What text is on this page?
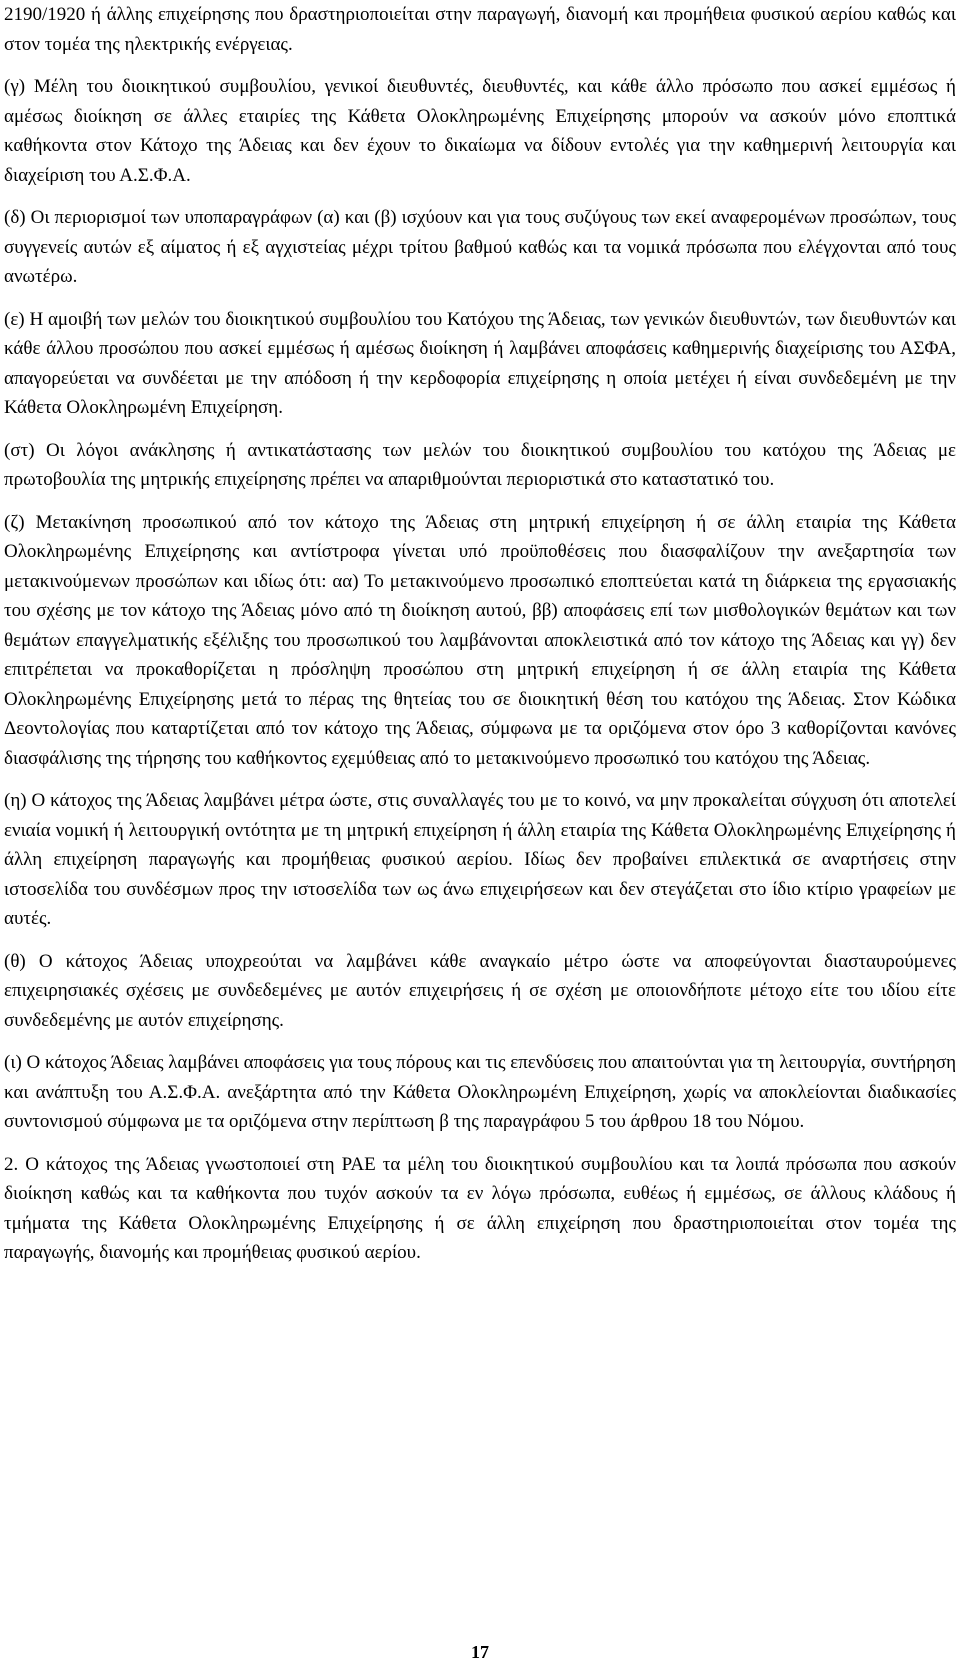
2190/1920 ή άλλης επιχείρησης που δραστηριοποιείται στην παραγωγή, διανομή και προμήθεια φυσικού αερίου καθώς και στον τομέα της ηλεκτρικής ενέργειας.

(γ) Μέλη του διοικητικού συμβουλίου, γενικοί διευθυντές, διευθυντές, και κάθε άλλο πρόσωπο που ασκεί εμμέσως ή αμέσως διοίκηση σε άλλες εταιρίες της Κάθετα Ολοκληρωμένης Επιχείρησης μπορούν να ασκούν μόνο εποπτικά καθήκοντα στον Κάτοχο της Άδειας και δεν έχουν το δικαίωμα να δίδουν εντολές για την καθημερινή λειτουργία και διαχείριση του Α.Σ.Φ.Α.

(δ) Οι περιορισμοί των υποπαραγράφων (α) και (β) ισχύουν και για τους συζύγους των εκεί αναφερομένων προσώπων, τους συγγενείς αυτών εξ αίματος ή εξ αγχιστείας μέχρι τρίτου βαθμού καθώς και τα νομικά πρόσωπα που ελέγχονται από τους ανωτέρω.

(ε) Η αμοιβή των μελών του διοικητικού συμβουλίου του Κατόχου της Άδειας, των γενικών διευθυντών, των διευθυντών και κάθε άλλου προσώπου που ασκεί εμμέσως ή αμέσως διοίκηση ή λαμβάνει αποφάσεις καθημερινής διαχείρισης του ΑΣΦΑ, απαγορεύεται να συνδέεται με την απόδοση ή την κερδοφορία επιχείρησης η οποία μετέχει ή είναι συνδεδεμένη με την Κάθετα Ολοκληρωμένη Επιχείρηση.

(στ) Οι λόγοι ανάκλησης ή αντικατάστασης των μελών του διοικητικού συμβουλίου του κατόχου της Άδειας με πρωτοβουλία της μητρικής επιχείρησης πρέπει να απαριθμούνται περιοριστικά στο καταστατικό του.

(ζ) Μετακίνηση προσωπικού από τον κάτοχο της Άδειας στη μητρική επιχείρηση ή σε άλλη εταιρία της Κάθετα Ολοκληρωμένης Επιχείρησης και αντίστροφα γίνεται υπό προϋποθέσεις που διασφαλίζουν την ανεξαρτησία των μετακινούμενων προσώπων και ιδίως ότι: αα) Το μετακινούμενο προσωπικό εποπτεύεται κατά τη διάρκεια της εργασιακής του σχέσης με τον κάτοχο της Άδειας μόνο από τη διοίκηση αυτού, ββ) αποφάσεις επί των μισθολογικών θεμάτων και των θεμάτων επαγγελματικής εξέλιξης του προσωπικού του λαμβάνονται αποκλειστικά από τον κάτοχο της Άδειας και γγ) δεν επιτρέπεται να προκαθορίζεται η πρόσληψη προσώπου στη μητρική επιχείρηση ή σε άλλη εταιρία της Κάθετα Ολοκληρωμένης Επιχείρησης μετά το πέρας της θητείας του σε διοικητική θέση του κατόχου της Άδειας. Στον Κώδικα Δεοντολογίας που καταρτίζεται από τον κάτοχο της Άδειας, σύμφωνα με τα οριζόμενα στον όρο 3 καθορίζονται κανόνες διασφάλισης της τήρησης του καθήκοντος εχεμύθειας από το μετακινούμενο προσωπικό του κατόχου της Άδειας.

(η) Ο κάτοχος της Άδειας λαμβάνει μέτρα ώστε, στις συναλλαγές του με το κοινό, να μην προκαλείται σύγχυση ότι αποτελεί ενιαία νομική ή λειτουργική οντότητα με τη μητρική επιχείρηση ή άλλη εταιρία της Κάθετα Ολοκληρωμένης Επιχείρησης ή άλλη επιχείρηση παραγωγής και προμήθειας φυσικού αερίου. Ιδίως δεν προβαίνει επιλεκτικά σε αναρτήσεις στην ιστοσελίδα του συνδέσμων προς την ιστοσελίδα των ως άνω επιχειρήσεων και δεν στεγάζεται στο ίδιο κτίριο γραφείων με αυτές.

(θ) Ο κάτοχος Άδειας υποχρεούται να λαμβάνει κάθε αναγκαίο μέτρο ώστε να αποφεύγονται διασταυρούμενες επιχειρησιακές σχέσεις με συνδεδεμένες με αυτόν επιχειρήσεις ή σε σχέση με οποιονδήποτε μέτοχο είτε του ιδίου είτε συνδεδεμένης με αυτόν επιχείρησης.

(ι) Ο κάτοχος Άδειας λαμβάνει αποφάσεις για τους πόρους και τις επενδύσεις που απαιτούνται για τη λειτουργία, συντήρηση και ανάπτυξη του Α.Σ.Φ.Α. ανεξάρτητα από την Κάθετα Ολοκληρωμένη Επιχείρηση, χωρίς να αποκλείονται διαδικασίες συντονισμού σύμφωνα με τα οριζόμενα στην περίπτωση β της παραγράφου 5 του άρθρου 18 του Νόμου.

2. Ο κάτοχος της Άδειας γνωστοποιεί στη ΡΑΕ τα μέλη του διοικητικού συμβουλίου και τα λοιπά πρόσωπα που ασκούν διοίκηση καθώς και τα καθήκοντα που τυχόν ασκούν τα εν λόγω πρόσωπα, ευθέως ή εμμέσως, σε άλλους κλάδους ή τμήματα της Κάθετα Ολοκληρωμένης Επιχείρησης ή σε άλλη επιχείρηση που δραστηριοποιείται στον τομέα της παραγωγής, διανομής και προμήθειας φυσικού αερίου.

17
